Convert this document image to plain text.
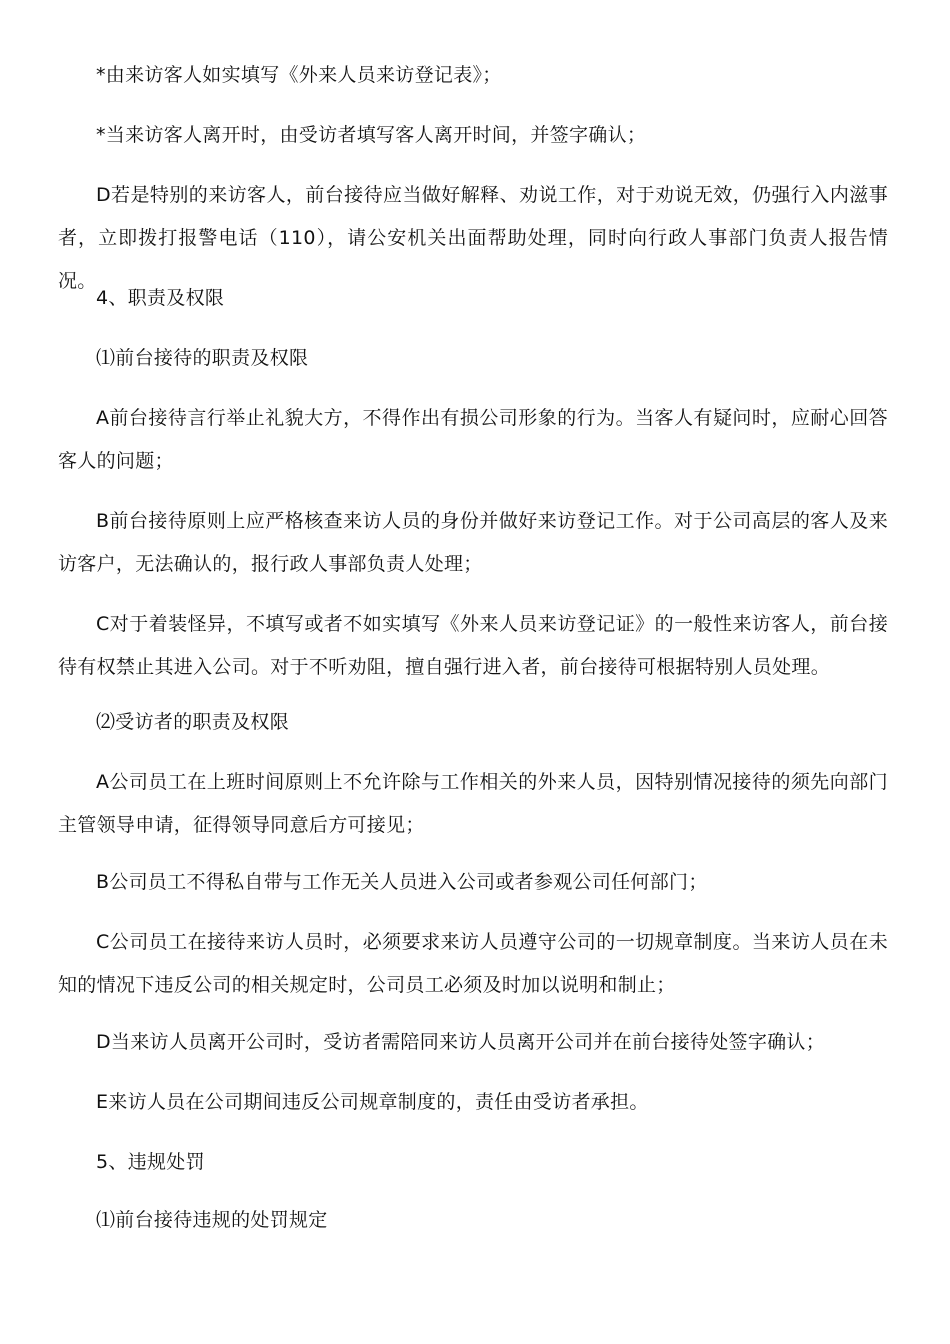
*由来访客人如实填写《外来人员来访登记表》；

*当来访客人离开时，由受访者填写客人离开时间，并签字确认；

D若是特别的来访客人，前台接待应当做好解释、劝说工作，对于劝说无效，仍强行入内滋事者，立即拨打报警电话（110），请公安机关出面帮助处理，同时向行政人事部门负责人报告情况。

4、职责及权限

⑴前台接待的职责及权限

A前台接待言行举止礼貌大方，不得作出有损公司形象的行为。当客人有疑问时，应耐心回答客人的问题；

B前台接待原则上应严格核查来访人员的身份并做好来访登记工作。对于公司高层的客人及来访客户，无法确认的，报行政人事部负责人处理；

C对于着装怪异，不填写或者不如实填写《外来人员来访登记证》的一般性来访客人，前台接待有权禁止其进入公司。对于不听劝阻，擅自强行进入者，前台接待可根据特别人员处理。

⑵受访者的职责及权限

A公司员工在上班时间原则上不允许除与工作相关的外来人员，因特别情况接待的须先向部门主管领导申请，征得领导同意后方可接见；

B公司员工不得私自带与工作无关人员进入公司或者参观公司任何部门；

C公司员工在接待来访人员时，必须要求来访人员遵守公司的一切规章制度。当来访人员在未知的情况下违反公司的相关规定时，公司员工必须及时加以说明和制止；

D当来访人员离开公司时，受访者需陪同来访人员离开公司并在前台接待处签字确认；

E来访人员在公司期间违反公司规章制度的，责任由受访者承担。

5、违规处罚

⑴前台接待违规的处罚规定
